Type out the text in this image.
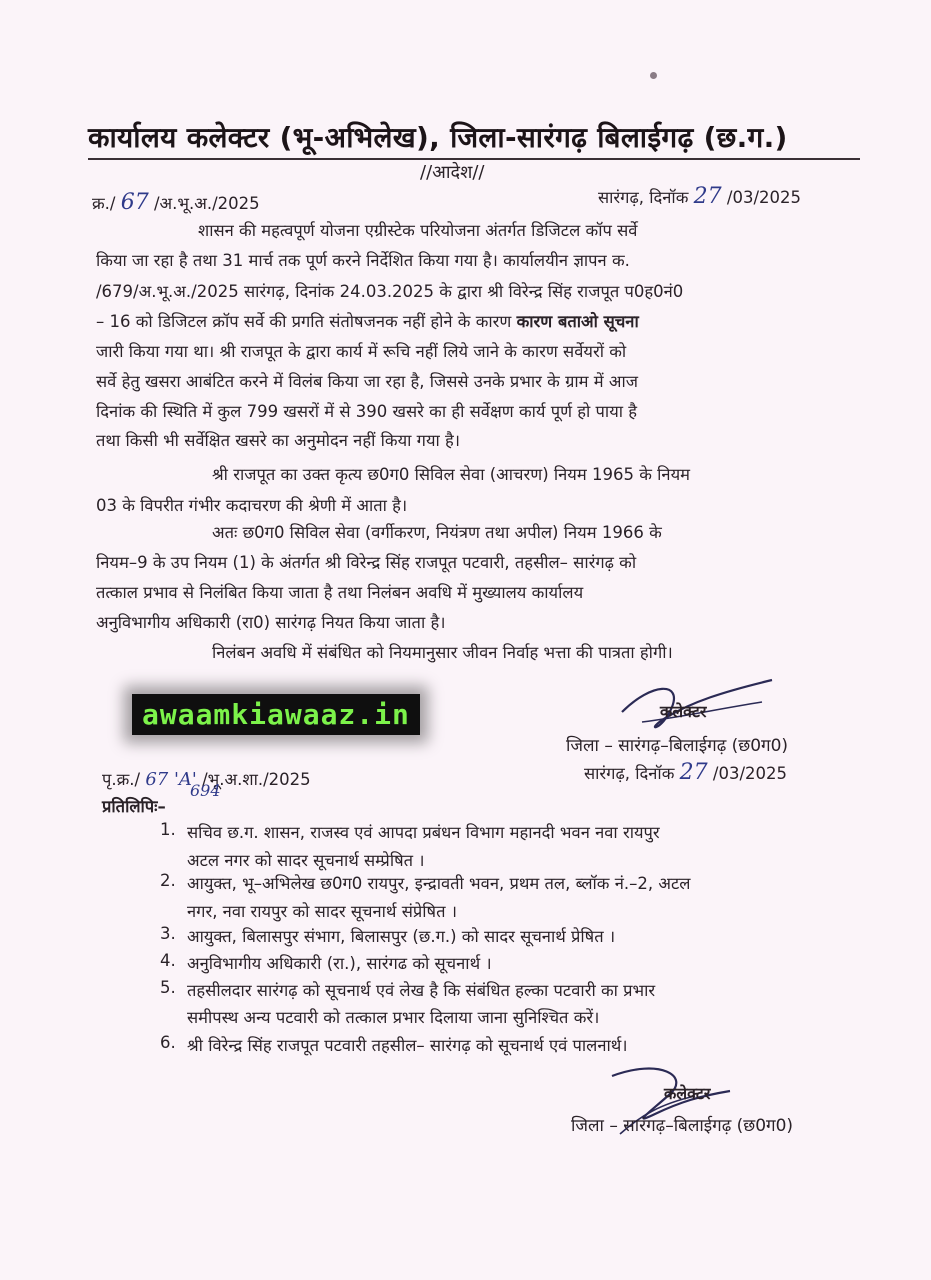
कार्यालय कलेक्टर (भू-अभिलेख), जिला-सारंगढ़ बिलाईगढ़ (छ.ग.)
//आदेश//
क्र./ 67 /अ.भू.अ./2025	सारंगढ़, दिनॉक 27 /03/2025
शासन की महत्वपूर्ण योजना एग्रीस्टेक परियोजना अंतर्गत डिजिटल कॉप सर्वे
किया जा रहा है तथा 31 मार्च तक पूर्ण करने निर्देशित किया गया है। कार्यालयीन ज्ञापन क.
/679/अ.भू.अ./2025 सारंगढ़, दिनांक 24.03.2025 के द्वारा श्री विरेन्द्र सिंह राजपूत प0ह0नं0
– 16 को डिजिटल क्रॉप सर्वे की प्रगति संतोषजनक नहीं होने के कारण कारण बताओ सूचना
जारी किया गया था। श्री राजपूत के द्वारा कार्य में रूचि नहीं लिये जाने के कारण सर्वेयरों को
सर्वे हेतु खसरा आबंटित करने में विलंब किया जा रहा है, जिससे उनके प्रभार के ग्राम में आज
दिनांक की स्थिति में कुल 799 खसरों में से 390 खसरे का ही सर्वेक्षण कार्य पूर्ण हो पाया है
तथा किसी भी सर्वेक्षित खसरे का अनुमोदन नहीं किया गया है।
श्री राजपूत का उक्त कृत्य छ0ग0 सिविल सेवा (आचरण) नियम 1965 के नियम
03 के विपरीत गंभीर कदाचरण की श्रेणी में आता है।
अतः छ0ग0 सिविल सेवा (वर्गीकरण, नियंत्रण तथा अपील) नियम 1966 के
नियम–9 के उप नियम (1) के अंतर्गत श्री विरेन्द्र सिंह राजपूत पटवारी, तहसील– सारंगढ़ को
तत्काल प्रभाव से निलंबित किया जाता है तथा निलंबन अवधि में मुख्यालय कार्यालय
अनुविभागीय अधिकारी (रा0) सारंगढ़ नियत किया जाता है।
निलंबन अवधि में संबंधित को नियमानुसार जीवन निर्वाह भत्ता की पात्रता होगी।
awaamkiawaaz.in	कलेक्टर
जिला – सारंगढ़–बिलाईगढ़ (छ0ग0)
पृ.क्र./ 67 'A' /भू.अ.शा./2025
694
सारंगढ़, दिनॉक 27 /03/2025
प्रतिलिपिः–
1. सचिव छ.ग. शासन, राजस्व एवं आपदा प्रबंधन विभाग महानदी भवन नवा रायपुर
अटल नगर को सादर सूचनार्थ सम्प्रेषित ।
2. आयुक्त, भू–अभिलेख छ0ग0 रायपुर, इन्द्रावती भवन, प्रथम तल, ब्लॉक नं.–2, अटल
नगर, नवा रायपुर को सादर सूचनार्थ संप्रेषित ।
3. आयुक्त, बिलासपुर संभाग, बिलासपुर (छ.ग.) को सादर सूचनार्थ प्रेषित ।
4. अनुविभागीय अधिकारी (रा.), सारंगढ को सूचनार्थ ।
5. तहसीलदार सारंगढ़ को सूचनार्थ एवं लेख है कि संबंधित हल्का पटवारी का प्रभार
समीपस्थ अन्य पटवारी को तत्काल प्रभार दिलाया जाना सुनिश्चित करें।
6. श्री विरेन्द्र सिंह राजपूत पटवारी तहसील– सारंगढ़ को सूचनार्थ एवं पालनार्थ।
कलेक्टर
जिला – सारंगढ़–बिलाईगढ़ (छ0ग0)
